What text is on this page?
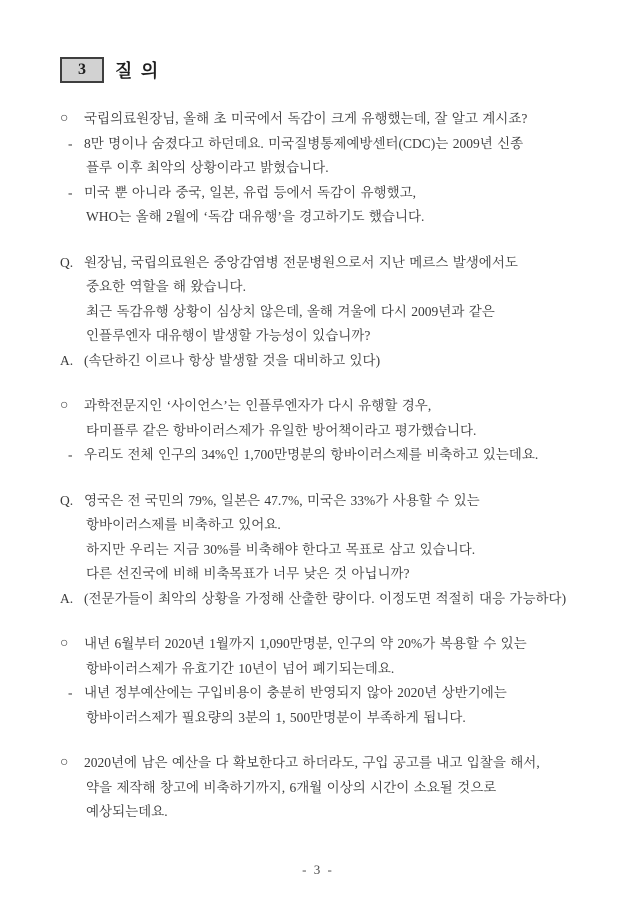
3	질 의
○	국립의료원장님, 올해 초 미국에서 독감이 크게 유행했는데, 잘 알고 계시죠?
- 8만 명이나 숨졌다고 하던데요. 미국질병통제예방센터(CDC)는 2009년 신종
플루 이후 최악의 상황이라고 밝혔습니다.
- 미국 뿐 아니라 중국, 일본, 유럽 등에서 독감이 유행했고,
WHO는 올해 2월에 ‘독감 대유행’을 경고하기도 했습니다.
Q. 원장님, 국립의료원은 중앙감염병 전문병원으로서 지난 메르스 발생에서도
중요한 역할을 해 왔습니다.
최근 독감유행 상황이 심상치 않은데, 올해 겨울에 다시 2009년과 같은
인플루엔자 대유행이 발생할 가능성이 있습니까?
A. (속단하긴 이르나 항상 발생할 것을 대비하고 있다)
○	과학전문지인 ‘사이언스’는 인플루엔자가 다시 유행할 경우,
타미플루 같은 항바이러스제가 유일한 방어책이라고 평가했습니다.
- 우리도 전체 인구의 34%인 1,700만명분의 항바이러스제를 비축하고 있는데요.
Q. 영국은 전 국민의 79%, 일본은 47.7%, 미국은 33%가 사용할 수 있는
항바이러스제를 비축하고 있어요.
하지만 우리는 지금 30%를 비축해야 한다고 목표로 삼고 있습니다.
다른 선진국에 비해 비축목표가 너무 낮은 것 아닙니까?
A. (전문가들이 최악의 상황을 가정해 산출한 량이다. 이정도면 적절히 대응 가능하다)
○	내년 6월부터 2020년 1월까지 1,090만명분, 인구의 약 20%가 복용할 수 있는
항바이러스제가 유효기간 10년이 넘어 폐기되는데요.
- 내년 정부예산에는 구입비용이 충분히 반영되지 않아 2020년 상반기에는
항바이러스제가 필요량의 3분의 1, 500만명분이 부족하게 됩니다.
○	2020년에 남은 예산을 다 확보한다고 하더라도, 구입 공고를 내고 입찰을 해서,
약을 제작해 창고에 비축하기까지, 6개월 이상의 시간이 소요될 것으로
예상되는데요.
- 3 -
